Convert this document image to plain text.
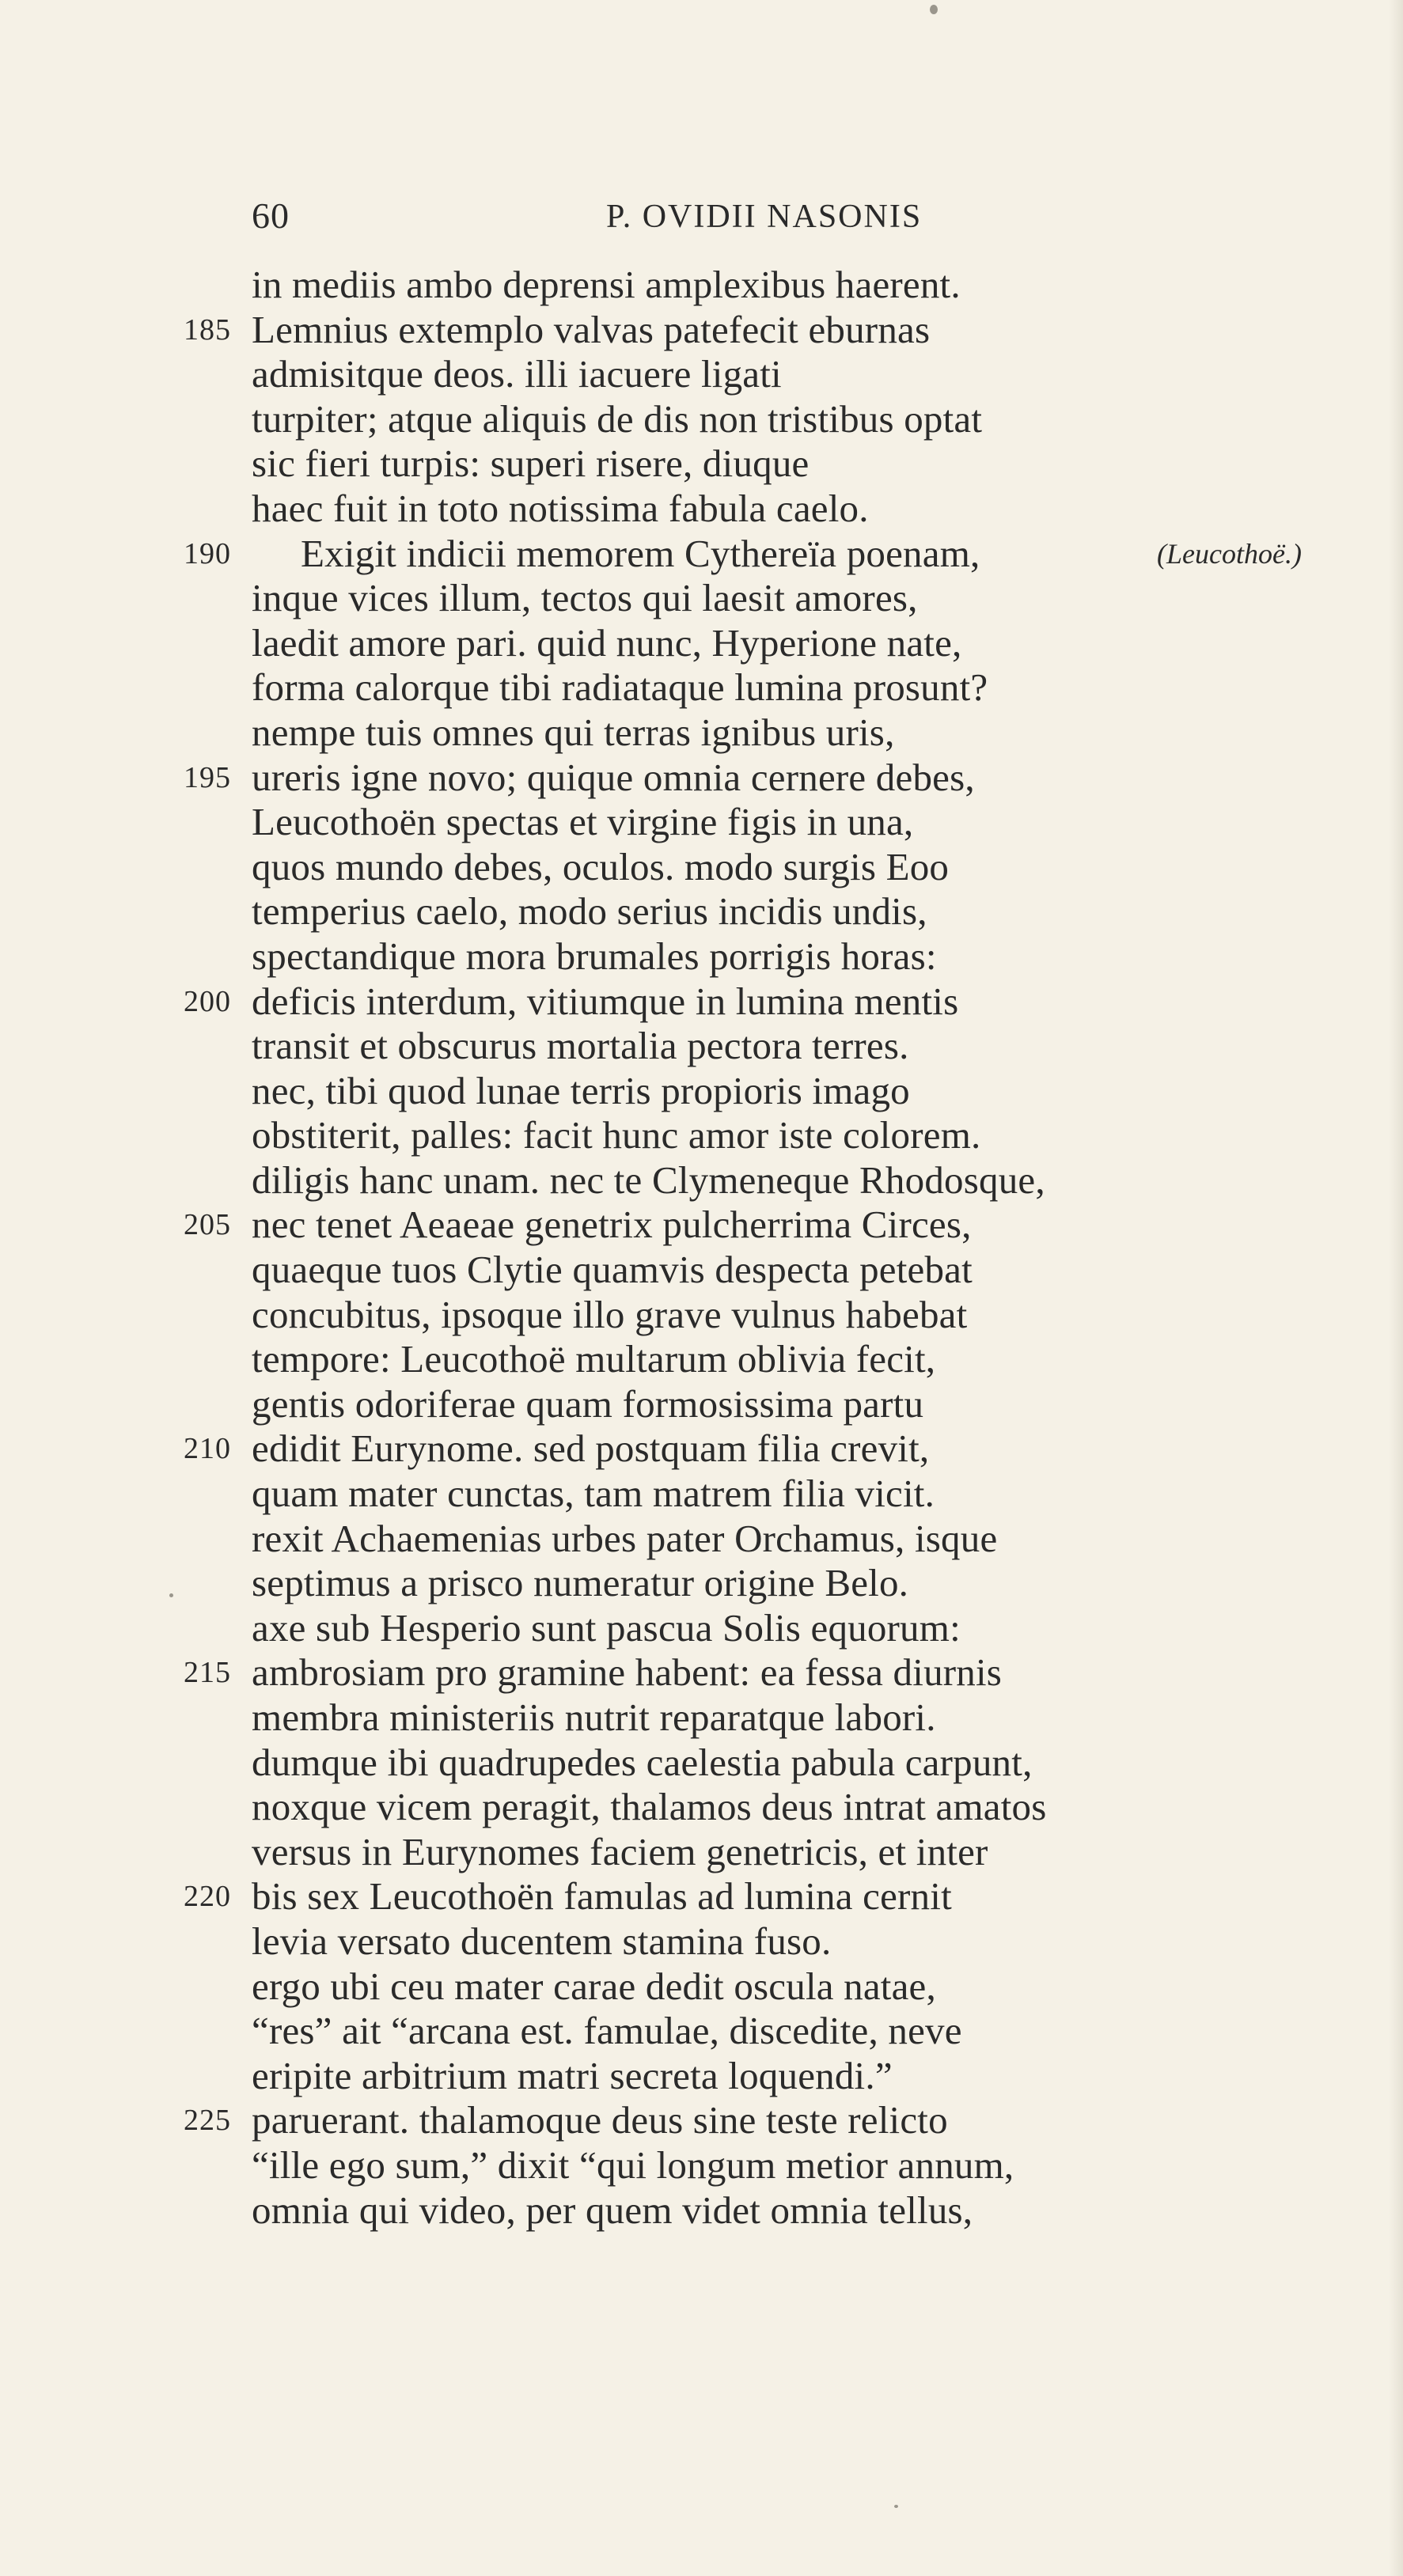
60	P. OVIDII NASONIS
in mediis ambo deprensi amplexibus haerent.
185 Lemnius extemplo valvas patefecit eburnas
admisitque deos. illi iacuere ligati
turpiter; atque aliquis de dis non tristibus optat
sic fieri turpis: superi risere, diuque
haec fuit in toto notissima fabula caelo.
190	Exigit indicii memorem Cythereïa poenam,	(Leucothoë.)
inque vices illum, tectos qui laesit amores,
laedit amore pari. quid nunc, Hyperione nate,
forma calorque tibi radiataque lumina prosunt?
nempe tuis omnes qui terras ignibus uris,
195 ureris igne novo; quique omnia cernere debes,
Leucothoën spectas et virgine figis in una,
quos mundo debes, oculos. modo surgis Eoo
temperius caelo, modo serius incidis undis,
spectandique mora brumales porrigis horas:
200 deficis interdum, vitiumque in lumina mentis
transit et obscurus mortalia pectora terres.
nec, tibi quod lunae terris propioris imago
obstiterit, palles: facit hunc amor iste colorem.
diligis hanc unam. nec te Clymeneque Rhodosque,
205 nec tenet Aeaeae genetrix pulcherrima Circes,
quaeque tuos Clytie quamvis despecta petebat
concubitus, ipsoque illo grave vulnus habebat
tempore: Leucothoë multarum oblivia fecit,
gentis odoriferae quam formosissima partu
210 edidit Eurynome. sed postquam filia crevit,
quam mater cunctas, tam matrem filia vicit.
rexit Achaemenias urbes pater Orchamus, isque
septimus a prisco numeratur origine Belo.
axe sub Hesperio sunt pascua Solis equorum:
215 ambrosiam pro gramine habent: ea fessa diurnis
membra ministeriis nutrit reparatque labori.
dumque ibi quadrupedes caelestia pabula carpunt,
noxque vicem peragit, thalamos deus intrat amatos
versus in Eurynomes faciem genetricis, et inter
220 bis sex Leucothoën famulas ad lumina cernit
levia versato ducentem stamina fuso.
ergo ubi ceu mater carae dedit oscula natae,
“res” ait “arcana est. famulae, discedite, neve
eripite arbitrium matri secreta loquendi.”
225 paruerant. thalamoque deus sine teste relicto
“ille ego sum,” dixit “qui longum metior annum,
omnia qui video, per quem videt omnia tellus,
